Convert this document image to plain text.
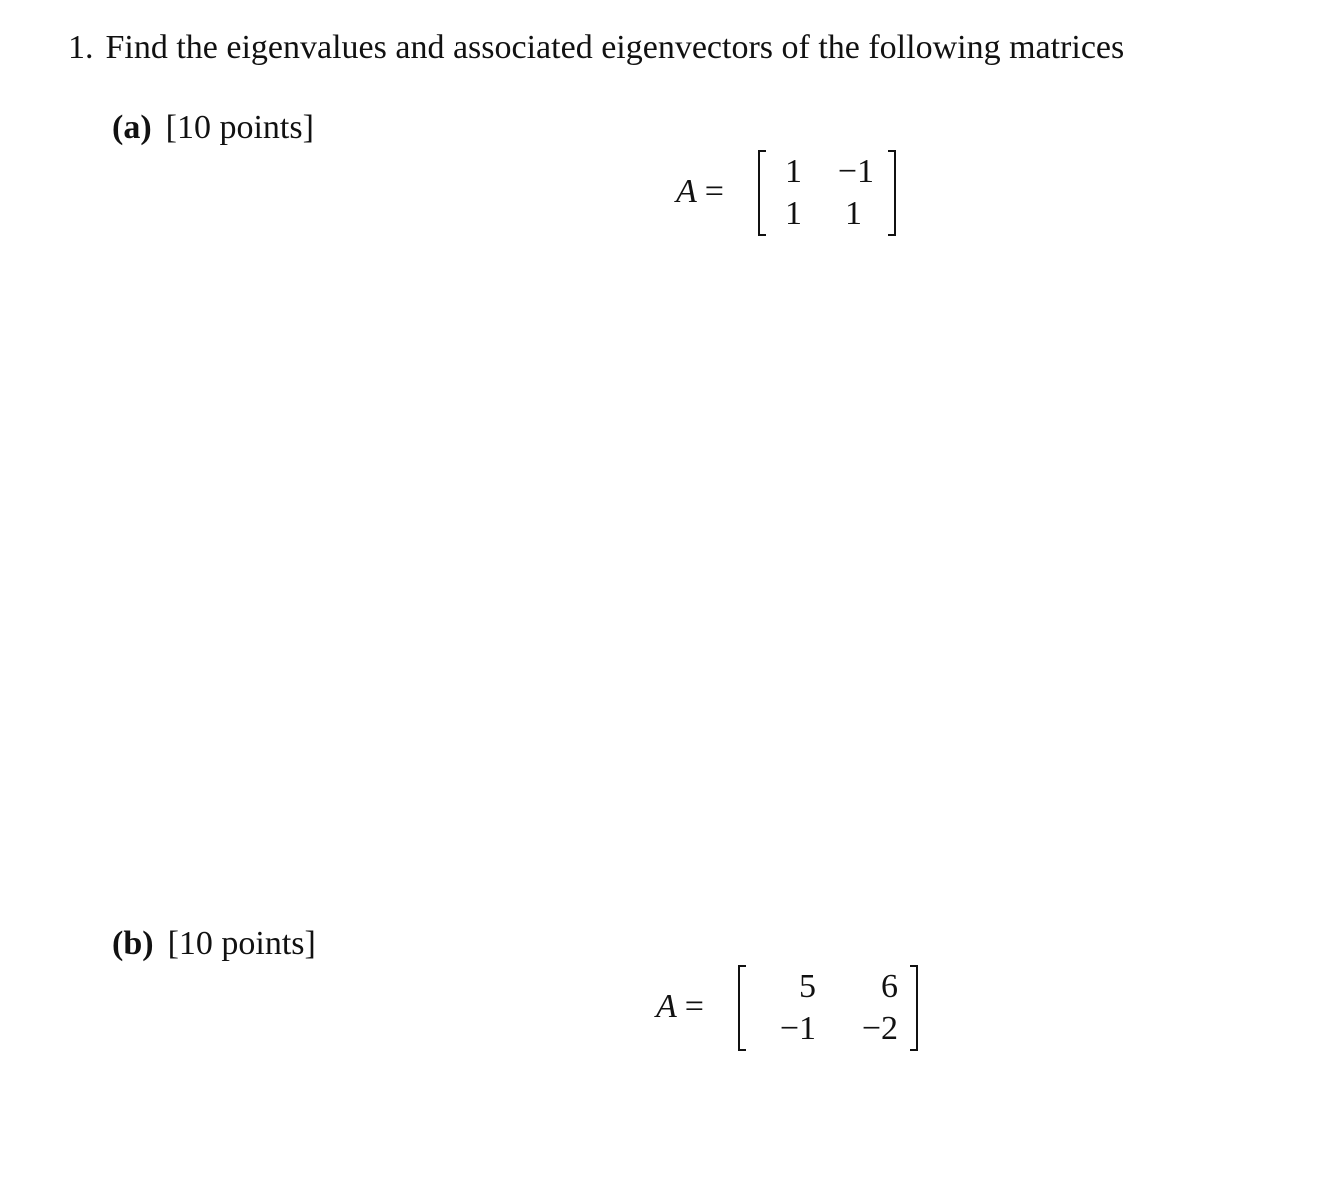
1. Find the eigenvalues and associated eigenvectors of the following matrices
(a) [10 points]
A =
1	−1
1	1
(b) [10 points]
A =
5	6
−1	−2
